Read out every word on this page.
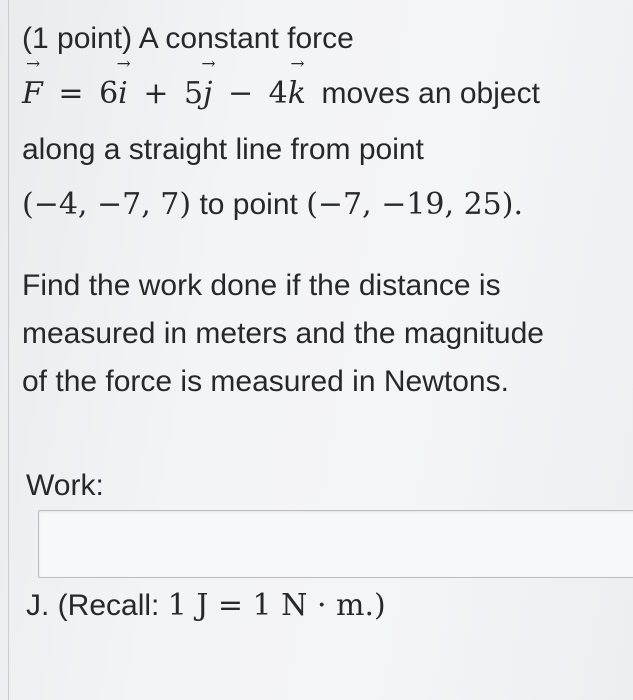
(1 point) A constant force
→ F = 6→ i + 5→ j − 4→ k moves an object
along a straight line from point
(−4, −7, 7) to point (−7, −19, 25).
Find the work done if the distance is
measured in meters and the magnitude
of the force is measured in Newtons.
Work:
J. (Recall: 1 J = 1 N · m.)
